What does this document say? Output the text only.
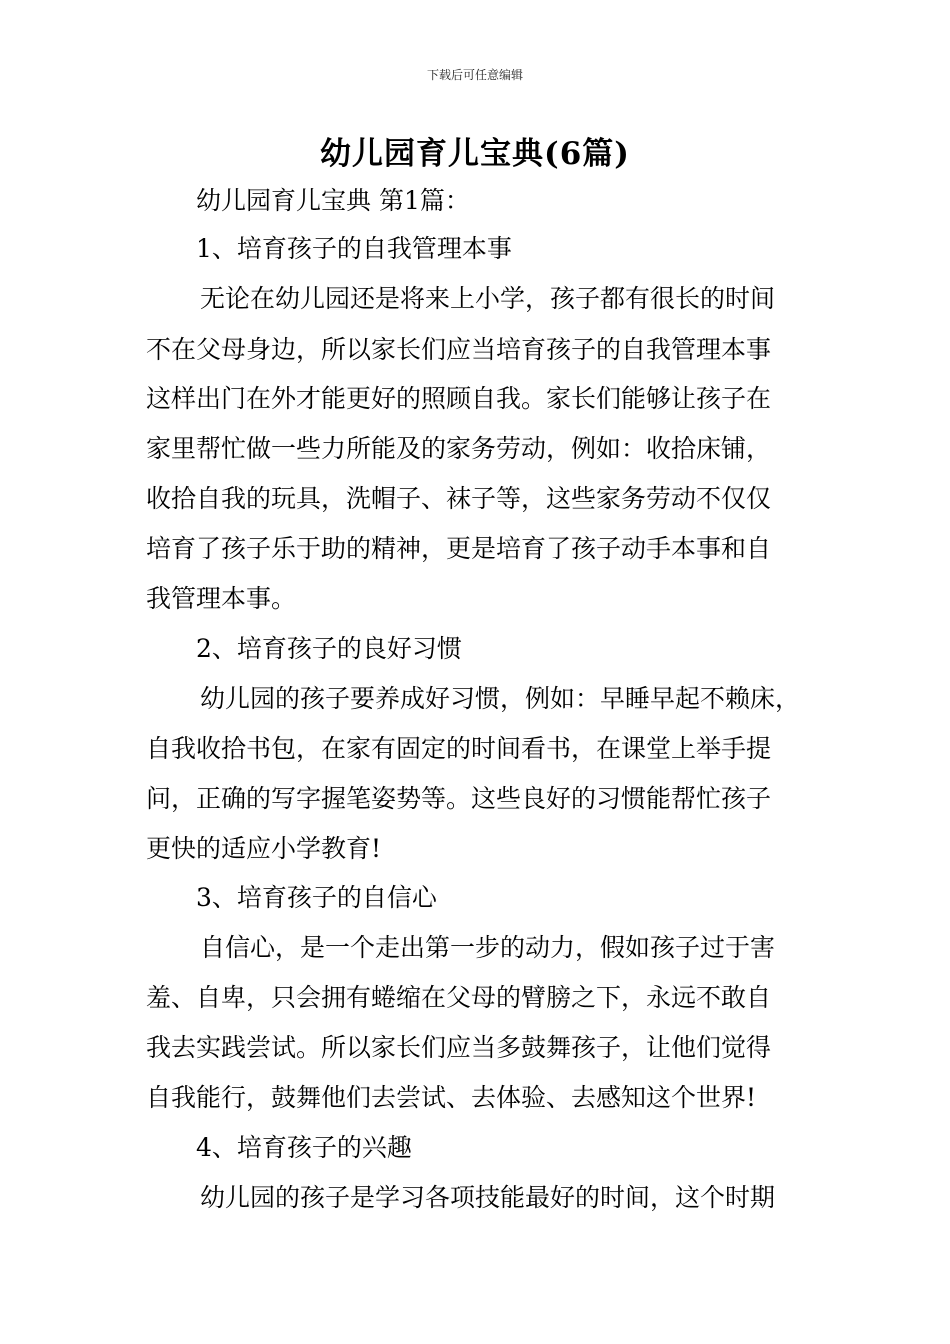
下载后可任意编辑
幼儿园育儿宝典(6篇)
幼儿园育儿宝典 第1篇：
1、培育孩子的自我管理本事
无论在幼儿园还是将来上小学，孩子都有很长的时间
不在父母身边，所以家长们应当培育孩子的自我管理本事
这样出门在外才能更好的照顾自我。家长们能够让孩子在
家里帮忙做一些力所能及的家务劳动，例如：收拾床铺，
收拾自我的玩具，洗帽子、袜子等，这些家务劳动不仅仅
培育了孩子乐于助的精神，更是培育了孩子动手本事和自
我管理本事。
2、培育孩子的良好习惯
幼儿园的孩子要养成好习惯，例如：早睡早起不赖床，
自我收拾书包，在家有固定的时间看书，在课堂上举手提
问，正确的写字握笔姿势等。这些良好的习惯能帮忙孩子
更快的适应小学教育!
3、培育孩子的自信心
自信心，是一个走出第一步的动力，假如孩子过于害
羞、自卑，只会拥有蜷缩在父母的臂膀之下，永远不敢自
我去实践尝试。所以家长们应当多鼓舞孩子，让他们觉得
自我能行，鼓舞他们去尝试、去体验、去感知这个世界!
4、培育孩子的兴趣
幼儿园的孩子是学习各项技能最好的时间，这个时期
